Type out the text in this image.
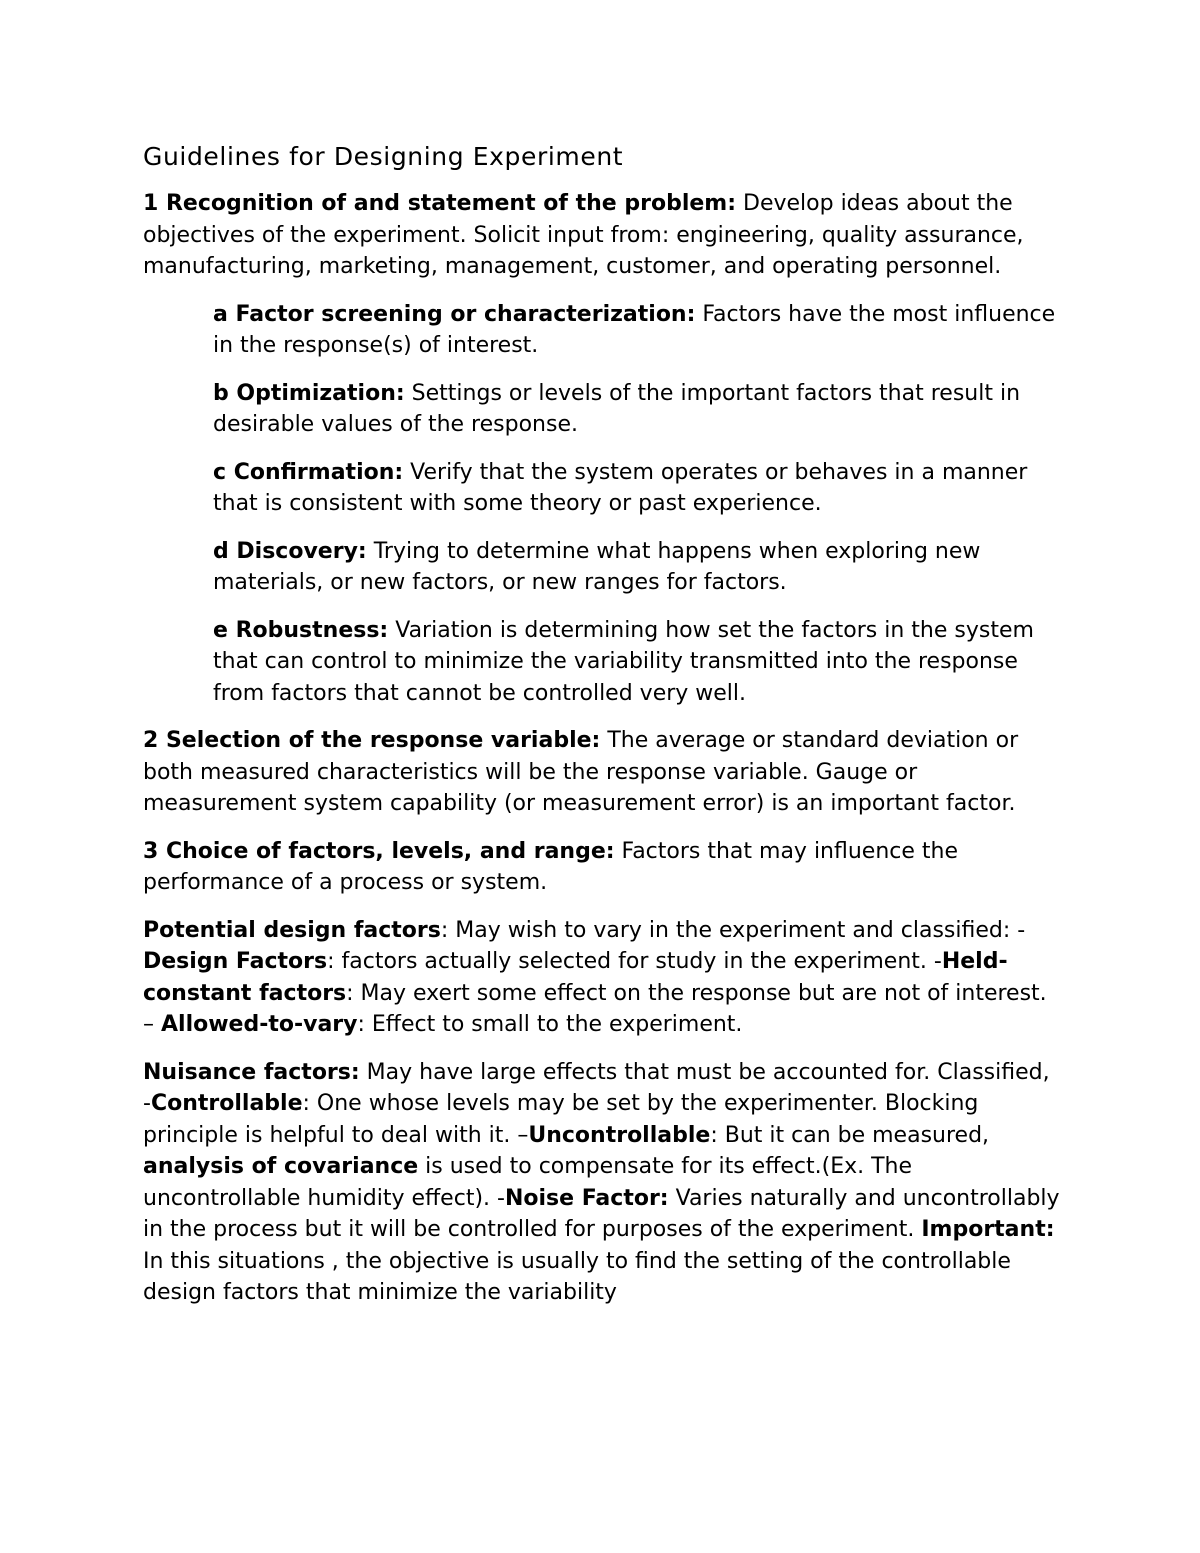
Guidelines for Designing Experiment

1 Recognition of and statement of the problem: Develop ideas about the objectives of the experiment. Solicit input from: engineering, quality assurance, manufacturing, marketing, management, customer, and operating personnel.

a Factor screening or characterization: Factors have the most influence in the response(s) of interest.

b Optimization: Settings or levels of the important factors that result in desirable values of the response.

c Confirmation: Verify that the system operates or behaves in a manner that is consistent with some theory or past experience.

d Discovery: Trying to determine what happens when exploring new materials, or new factors, or new ranges for factors.

e Robustness: Variation is determining how set the factors in the system that can control to minimize the variability transmitted into the response from factors that cannot be controlled very well.

2 Selection of the response variable: The average or standard deviation or both measured characteristics will be the response variable. Gauge or measurement system capability (or measurement error) is an important factor.

3 Choice of factors, levels, and range: Factors that may influence the performance of a process or system.

Potential design factors: May wish to vary in the experiment and classified: -Design Factors: factors actually selected for study in the experiment. -Held-constant factors: May exert some effect on the response but are not of interest. – Allowed-to-vary: Effect to small to the experiment.

Nuisance factors: May have large effects that must be accounted for. Classified, -Controllable: One whose levels may be set by the experimenter. Blocking principle is helpful to deal with it. –Uncontrollable: But it can be measured, analysis of covariance is used to compensate for its effect.(Ex. The uncontrollable humidity effect). -Noise Factor: Varies naturally and uncontrollably in the process but it will be controlled for purposes of the experiment. Important: In this situations , the objective is usually to find the setting of the controllable design factors that minimize the variability
